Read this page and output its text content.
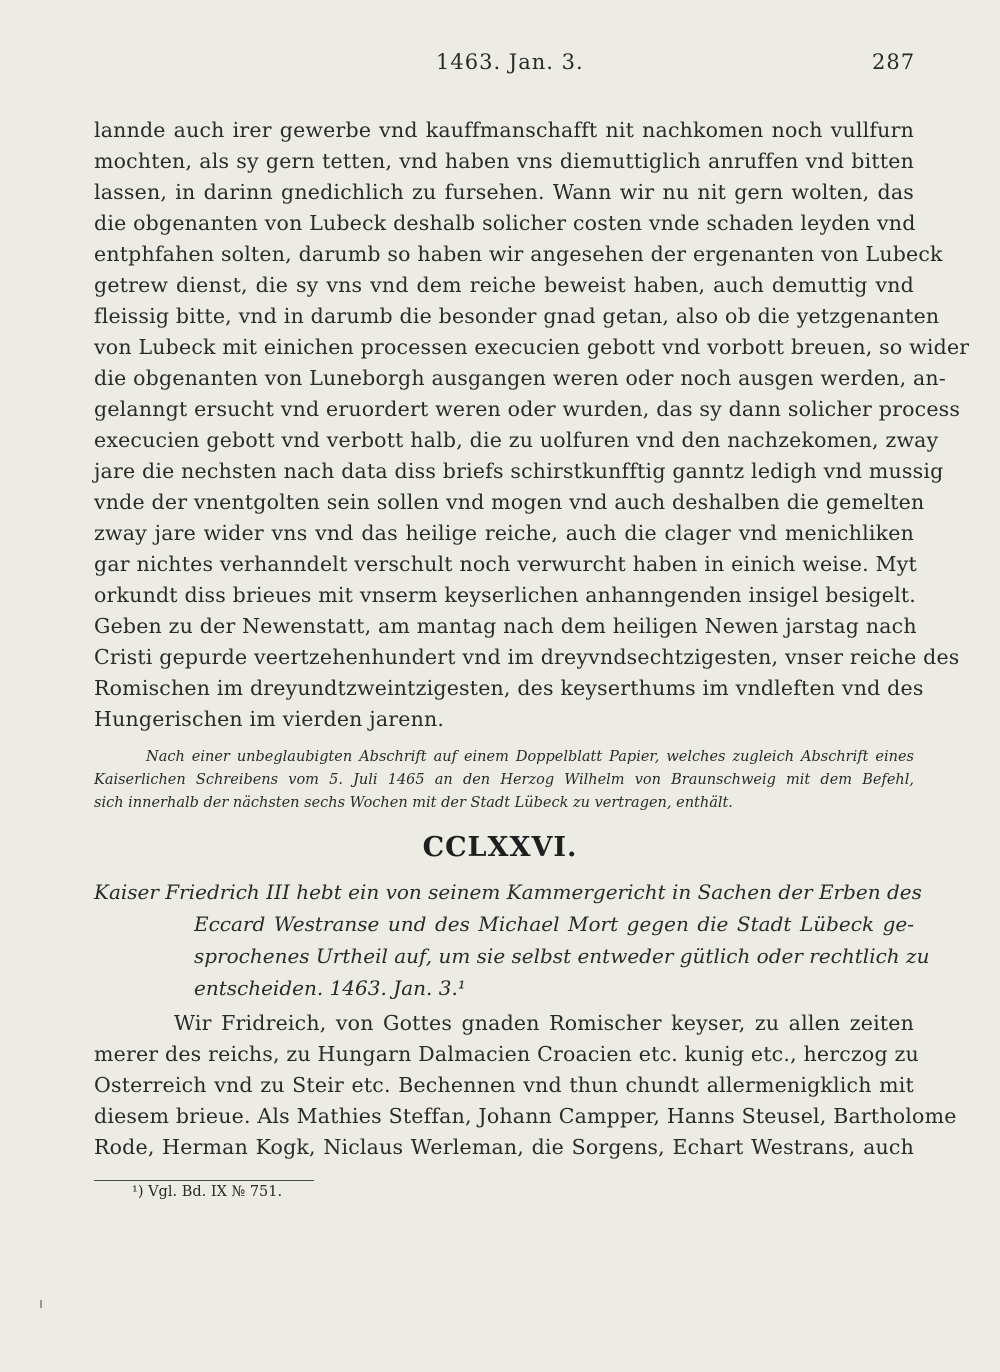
1463. Jan. 3.	287
lannde auch irer gewerbe vnd kauffmanschafft nit nachkomen noch vullfurn
mochten, als sy gern tetten, vnd haben vns diemuttiglich anruffen vnd bitten
lassen, in darinn gnedichlich zu fursehen. Wann wir nu nit gern wolten, das
die obgenanten von Lubeck deshalb solicher costen vnde schaden leyden vnd
entphfahen solten, darumb so haben wir angesehen der ergenanten von Lubeck
getrew dienst, die sy vns vnd dem reiche beweist haben, auch demuttig vnd
fleissig bitte, vnd in darumb die besonder gnad getan, also ob die yetzgenanten
von Lubeck mit einichen processen execucien gebott vnd vorbott breuen, so wider
die obgenanten von Luneborgh ausgangen weren oder noch ausgen werden, an-
gelanngt ersucht vnd eruordert weren oder wurden, das sy dann solicher process
execucien gebott vnd verbott halb, die zu uolfuren vnd den nachzekomen, zway
jare die nechsten nach data diss briefs schirstkunfftig ganntz ledigh vnd mussig
vnde der vnentgolten sein sollen vnd mogen vnd auch deshalben die gemelten
zway jare wider vns vnd das heilige reiche, auch die clager vnd menichliken
gar nichtes verhanndelt verschult noch verwurcht haben in einich weise. Myt
orkundt diss brieues mit vnserm keyserlichen anhanngenden insigel besigelt.
Geben zu der Newenstatt, am mantag nach dem heiligen Newen jarstag nach
Cristi gepurde veertzehenhundert vnd im dreyvndsechtzigesten, vnser reiche des
Romischen im dreyundtzweintzigesten, des keyserthums im vndleften vnd des
Hungerischen im vierden jarenn.
Nach einer unbeglaubigten Abschrift auf einem Doppelblatt Papier, welches zugleich Abschrift eines
Kaiserlichen Schreibens vom 5. Juli 1465 an den Herzog Wilhelm von Braunschweig mit dem Befehl,
sich innerhalb der nächsten sechs Wochen mit der Stadt Lübeck zu vertragen, enthält.
CCLXXVI.
Kaiser Friedrich III hebt ein von seinem Kammergericht in Sachen der Erben des
Eccard Westranse und des Michael Mort gegen die Stadt Lübeck ge-
sprochenes Urtheil auf, um sie selbst entweder gütlich oder rechtlich zu
entscheiden. 1463. Jan. 3.¹
Wir Fridreich, von Gottes gnaden Romischer keyser, zu allen zeiten
merer des reichs, zu Hungarn Dalmacien Croacien etc. kunig etc., herczog zu
Osterreich vnd zu Steir etc. Bechennen vnd thun chundt allermenigklich mit
diesem brieue. Als Mathies Steffan, Johann Campper, Hanns Steusel, Bartholome
Rode, Herman Kogk, Niclaus Werleman, die Sorgens, Echart Westrans, auch
¹) Vgl. Bd. IX № 751.
